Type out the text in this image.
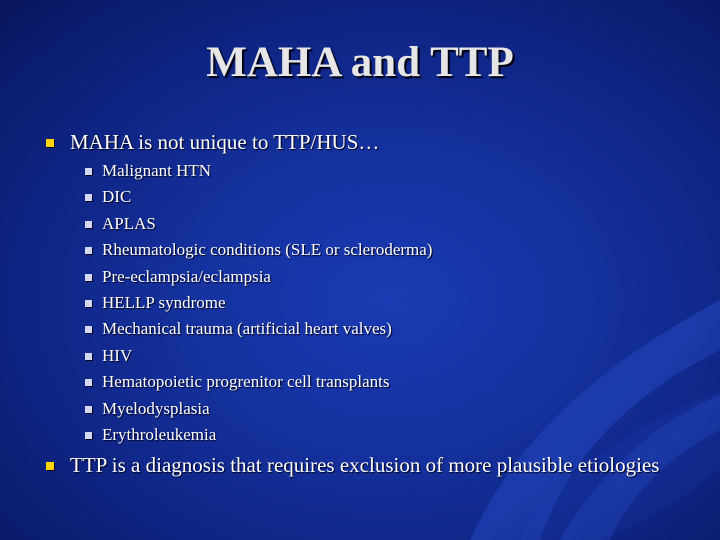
MAHA and TTP
MAHA is not unique to TTP/HUS…
Malignant HTN
DIC
APLAS
Rheumatologic conditions (SLE or scleroderma)
Pre-eclampsia/eclampsia
HELLP syndrome
Mechanical trauma (artificial heart valves)
HIV
Hematopoietic progrenitor cell transplants
Myelodysplasia
Erythroleukemia
TTP is a diagnosis that requires exclusion of more plausible etiologies
